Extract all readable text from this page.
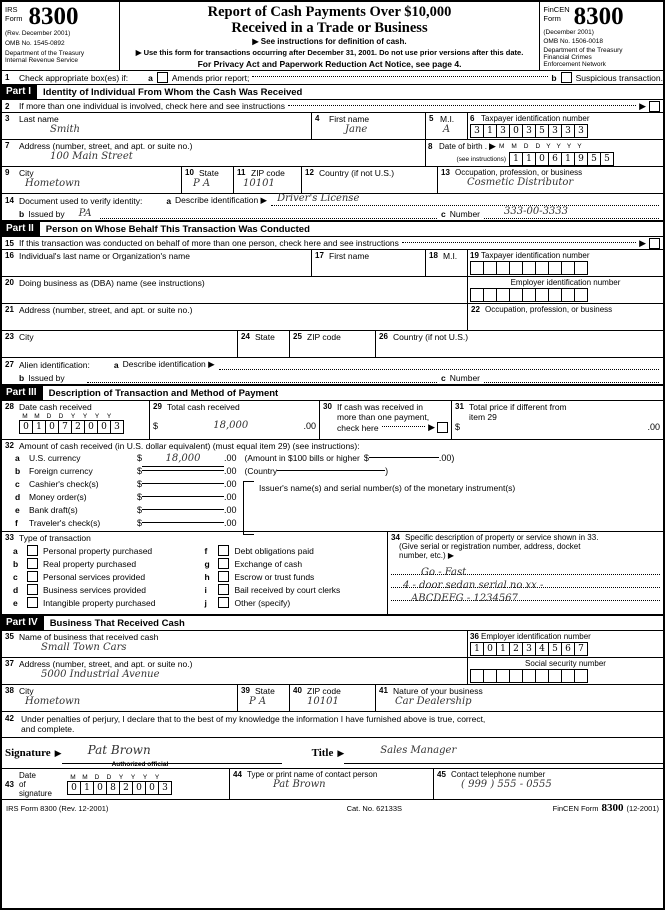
IRS
Form 8300
(Rev. December 2001)
OMB No. 1545-0892
Department of the Treasury
Internal Revenue Service
Report of Cash Payments Over $10,000
Received in a Trade or Business
▶ See instructions for definition of cash.
▶ Use this form for transactions occurring after December 31, 2001. Do not use prior versions after this date.
For Privacy Act and Paperwork Reduction Act Notice, see page 4.
FinCEN
Form 8300
(December 2001)
OMB No. 1506-0018
Department of the Treasury
Financial Crimes
Enforcement Network
1	Check appropriate box(es) if: a Amends prior report;	b Suspicious transaction.
Part I	Identity of Individual From Whom the Cash Was Received
2	If more than one individual is involved, check here and see instructions	▶
3	Last name
Smith
4	First name
Jane
5 M.I.
A
6 Taxpayer identification number
3 1 3 0 3 5 3 3 3
7	Address (number, street, and apt. or suite no.)
100 Main Street
8 Date of birth . ▶ M M D D Y Y Y Y
(see instructions) 1 1 0 6 1 9 5 5
9	City
Hometown
10 State
P A
11 ZIP code
10101
12 Country (if not U.S.)	13 Occupation, profession, or business
Cosmetic Distributor
14 Document used to verify identity:	a Describe identification ▶ Driver's License
b Issued by PA	c Number 333-00-3333
Part II	Person on Whose Behalf This Transaction Was Conducted
15 If this transaction was conducted on behalf of more than one person, check here and see instructions	▶
16 Individual's last name or Organization's name	17 First name	18 M.I. 19 Taxpayer identification number
20 Doing business as (DBA) name (see instructions)	Employer identification number
21 Address (number, street, and apt. or suite no.)	22 Occupation, profession, or business
23 City	24 State 25 ZIP code	26 Country (if not U.S.)
27 Alien identification:	a Describe identification ▶
b Issued by	c Number
Part III	Description of Transaction and Method of Payment
28 Date cash received
M	M	D	D	Y	Y	Y	Y
0 1 0 7 2 0 0 3
29 Total cash received
$	18,000	.00
30 If cash was received in
more than one payment,
check here	▶
31 Total price if different from
item 29
$	.00
32 Amount of cash received (in U.S. dollar equivalent) (must equal item 29) (see instructions):
Issuer's name(s) and serial number(s) of the monetary instrument(s)
a	U.S. currency	$	18,000	.00 (Amount in $100 bills or higher $	.00 )
b	Foreign currency	$	.00 (Country	)
c	Cashier's check(s)	$	.00
d	Money order(s)	$	.00
e	Bank draft(s)	$	.00
f	Traveler's check(s)	$	.00
33 Type of transaction
a	Personal property purchased
b	Real property purchased
c	Personal services provided
d	Business services provided
e	Intangible property purchased
f	Debt obligations paid
g	Exchange of cash
h	Escrow or trust funds
i	Bail received by court clerks
j	Other (specify)
34 Specific description of property or service shown in 33.
(Give serial or registration number, address, docket
number, etc.) ▶
Go - Fast
4 - door sedan serial no xx -
ABCDEFG - 1234567
Part IV	Business That Received Cash
35 Name of business that received cash
Small Town Cars
36 Employer identification number
1 0 1 2 3 4 5 6 7
37 Address (number, street, and apt. or suite no.)
5000 Industrial Avenue
Social security number
38 City
Hometown
39 State
P A
40 ZIP code
10101
41 Nature of your business
Car Dealership
42 Under penalties of perjury, I declare that to the best of my knowledge the information I have furnished above is true, correct,
and complete.
Signature ▶ Pat Brown
Authorized official
Title ▶	Sales Manager
43
Date
of
signature
M	M	D	D	Y	Y	Y	Y
0 1 0 8 2 0 0 3
44 Type or print name of contact person
Pat Brown
45 Contact telephone number
( 999 ) 555 - 0555
IRS Form 8300 (Rev. 12-2001)	Cat. No. 62133S	FinCEN Form 8300 (12-2001)
